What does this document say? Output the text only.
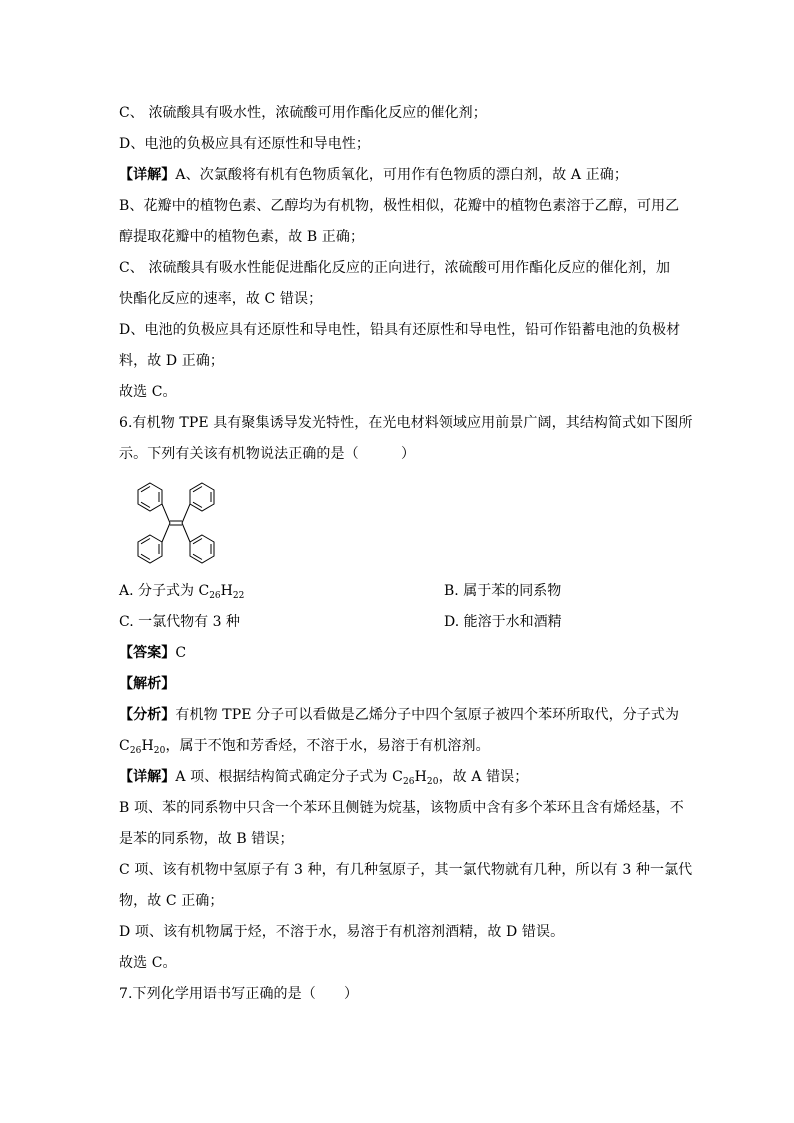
C、 浓硫酸具有吸水性，浓硫酸可用作酯化反应的催化剂；
D、电池的负极应具有还原性和导电性；
【详解】A、次氯酸将有机有色物质氧化，可用作有色物质的漂白剂，故 A 正确；
B、花瓣中的植物色素、乙醇均为有机物，极性相似，花瓣中的植物色素溶于乙醇，可用乙
醇提取花瓣中的植物色素，故 B 正确；
C、 浓硫酸具有吸水性能促进酯化反应的正向进行，浓硫酸可用作酯化反应的催化剂，加
快酯化反应的速率，故 C 错误；
D、电池的负极应具有还原性和导电性，铅具有还原性和导电性，铅可作铅蓄电池的负极材
料，故 D 正确；
故选 C。
6.有机物 TPE 具有聚集诱导发光特性，在光电材料领域应用前景广阔，其结构简式如下图所
示。下列有关该有机物说法正确的是（　　　）
A. 分子式为 $C_{26}H_{22}$	B. 属于苯的同系物
C. 一氯代物有 3 种	D. 能溶于水和酒精
【答案】C
【解析】
【分析】有机物 TPE 分子可以看做是乙烯分子中四个氢原子被四个苯环所取代，分子式为
$C_{26}H_{20}$，属于不饱和芳香烃，不溶于水，易溶于有机溶剂。
【详解】A 项、根据结构简式确定分子式为 $C_{26}H_{20}$，故 A 错误；
B 项、苯的同系物中只含一个苯环且侧链为烷基，该物质中含有多个苯环且含有烯烃基，不
是苯的同系物，故 B 错误；
C 项、该有机物中氢原子有 3 种，有几种氢原子，其一氯代物就有几种，所以有 3 种一氯代
物，故 C 正确；
D 项、该有机物属于烃，不溶于水，易溶于有机溶剂酒精，故 D 错误。
故选 C。
7.下列化学用语书写正确的是（　　）
